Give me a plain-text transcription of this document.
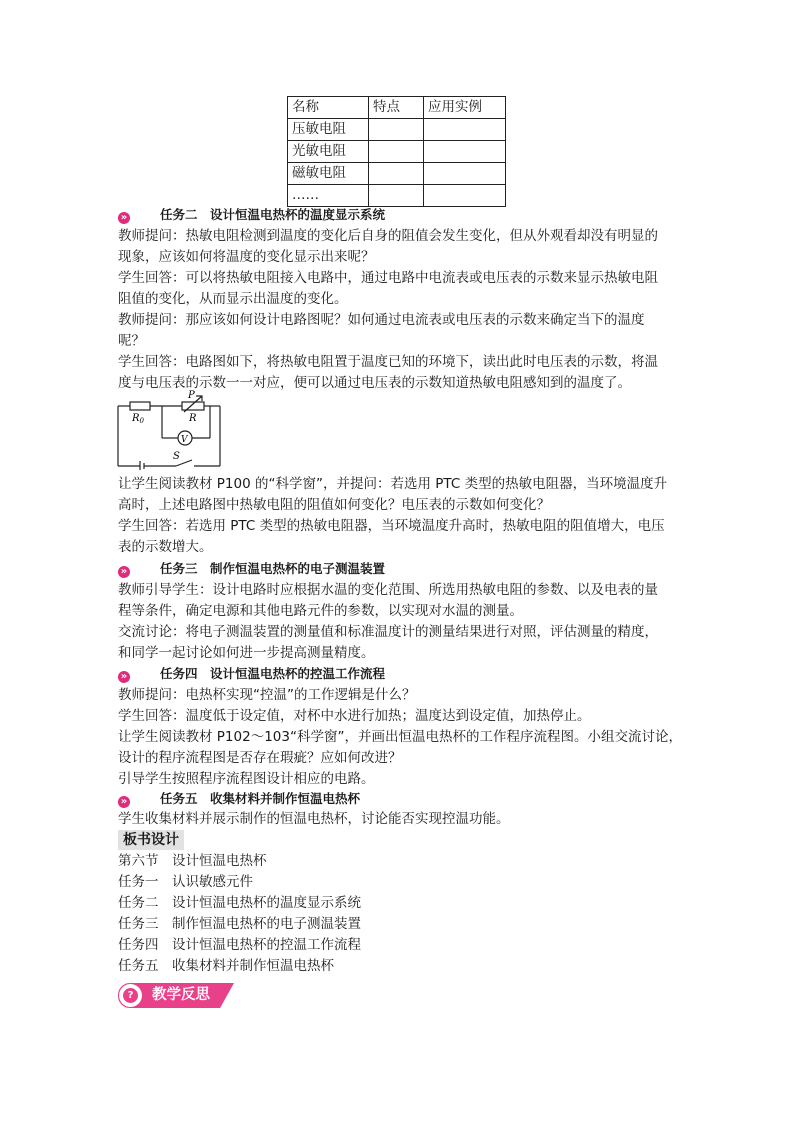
名称	特点	应用实例
压敏电阻		
光敏电阻		
磁敏电阻		
……		
»	任务二　设计恒温电热杯的温度显示系统
教师提问：热敏电阻检测到温度的变化后自身的阻值会发生变化，但从外观看却没有明显的
现象，应该如何将温度的变化显示出来呢？
学生回答：可以将热敏电阻接入电路中，通过电路中电流表或电压表的示数来显示热敏电阻
阻值的变化，从而显示出温度的变化。
教师提问：那应该如何设计电路图呢？如何通过电流表或电压表的示数来确定当下的温度
呢？
学生回答：电路图如下，将热敏电阻置于温度已知的环境下，读出此时电压表的示数，将温
度与电压表的示数一一对应，便可以通过电压表的示数知道热敏电阻感知到的温度了。
$R_0$
P
R
V
S
让学生阅读教材 P100 的“科学窗”，并提问：若选用 PTC 类型的热敏电阻器，当环境温度升
高时，上述电路图中热敏电阻的阻值如何变化？电压表的示数如何变化？
学生回答：若选用 PTC 类型的热敏电阻器，当环境温度升高时，热敏电阻的阻值增大，电压
表的示数增大。
»	任务三　制作恒温电热杯的电子测温装置
教师引导学生：设计电路时应根据水温的变化范围、所选用热敏电阻的参数、以及电表的量
程等条件，确定电源和其他电路元件的参数，以实现对水温的测量。
交流讨论：将电子测温装置的测量值和标准温度计的测量结果进行对照，评估测量的精度，
和同学一起讨论如何进一步提高测量精度。
»	任务四　设计恒温电热杯的控温工作流程
教师提问：电热杯实现“控温”的工作逻辑是什么？
学生回答：温度低于设定值，对杯中水进行加热；温度达到设定值，加热停止。
让学生阅读教材 P102～103“科学窗”，并画出恒温电热杯的工作程序流程图。小组交流讨论，
设计的程序流程图是否存在瑕疵？应如何改进？
引导学生按照程序流程图设计相应的电路。
»	任务五　收集材料并制作恒温电热杯
学生收集材料并展示制作的恒温电热杯，讨论能否实现控温功能。
板书设计
第六节　设计恒温电热杯
任务一　认识敏感元件
任务二　设计恒温电热杯的温度显示系统
任务三　制作恒温电热杯的电子测温装置
任务四　设计恒温电热杯的控温工作流程
任务五　收集材料并制作恒温电热杯
?	教学反思
